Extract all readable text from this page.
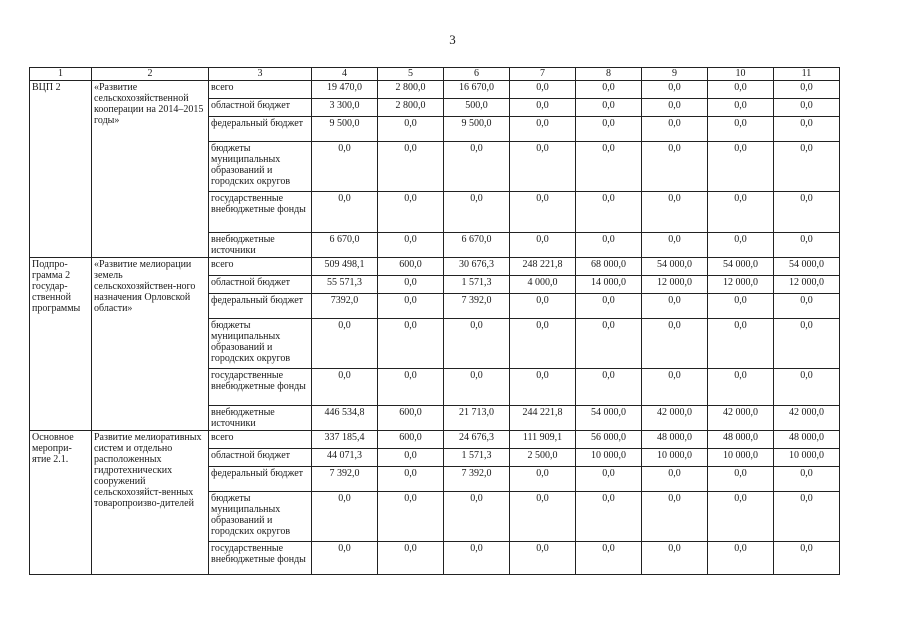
3
1	2	3	4	5	6	7	8	9	10	11
ВЦП 2	«Развитие сельскохозяйственной кооперации на 2014–2015 годы»	всего	19 470,0	2 800,0	16 670,0	0,0	0,0	0,0	0,0	0,0
		областной бюджет	3 300,0	2 800,0	500,0	0,0	0,0	0,0	0,0	0,0
		федеральный бюджет	9 500,0	0,0	9 500,0	0,0	0,0	0,0	0,0	0,0
		бюджеты муниципальных образований и городских округов	0,0	0,0	0,0	0,0	0,0	0,0	0,0	0,0
		государственные внебюджетные фонды	0,0	0,0	0,0	0,0	0,0	0,0	0,0	0,0
		внебюджетные источники	6 670,0	0,0	6 670,0	0,0	0,0	0,0	0,0	0,0
Подпро-грамма 2 государ-ственной программы	«Развитие мелиорации земель сельскохозяйствен-ного назначения Орловской области»	всего	509 498,1	600,0	30 676,3	248 221,8	68 000,0	54 000,0	54 000,0	54 000,0
		областной бюджет	55 571,3	0,0	1 571,3	4 000,0	14 000,0	12 000,0	12 000,0	12 000,0
		федеральный бюджет	7392,0	0,0	7 392,0	0,0	0,0	0,0	0,0	0,0
		бюджеты муниципальных образований и городских округов	0,0	0,0	0,0	0,0	0,0	0,0	0,0	0,0
		государственные внебюджетные фонды	0,0	0,0	0,0	0,0	0,0	0,0	0,0	0,0
		внебюджетные источники	446 534,8	600,0	21 713,0	244 221,8	54 000,0	42 000,0	42 000,0	42 000,0
Основное меропри-ятие 2.1.	Развитие мелиоративных систем и отдельно расположенных гидротехнических сооружений сельскохозяйст-венных товаропроизво-дителей	всего	337 185,4	600,0	24 676,3	111 909,1	56 000,0	48 000,0	48 000,0	48 000,0
		областной бюджет	44 071,3	0,0	1 571,3	2 500,0	10 000,0	10 000,0	10 000,0	10 000,0
		федеральный бюджет	7 392,0	0,0	7 392,0	0,0	0,0	0,0	0,0	0,0
		бюджеты муниципальных образований и городских округов	0,0	0,0	0,0	0,0	0,0	0,0	0,0	0,0
		государственные внебюджетные фонды	0,0	0,0	0,0	0,0	0,0	0,0	0,0	0,0
